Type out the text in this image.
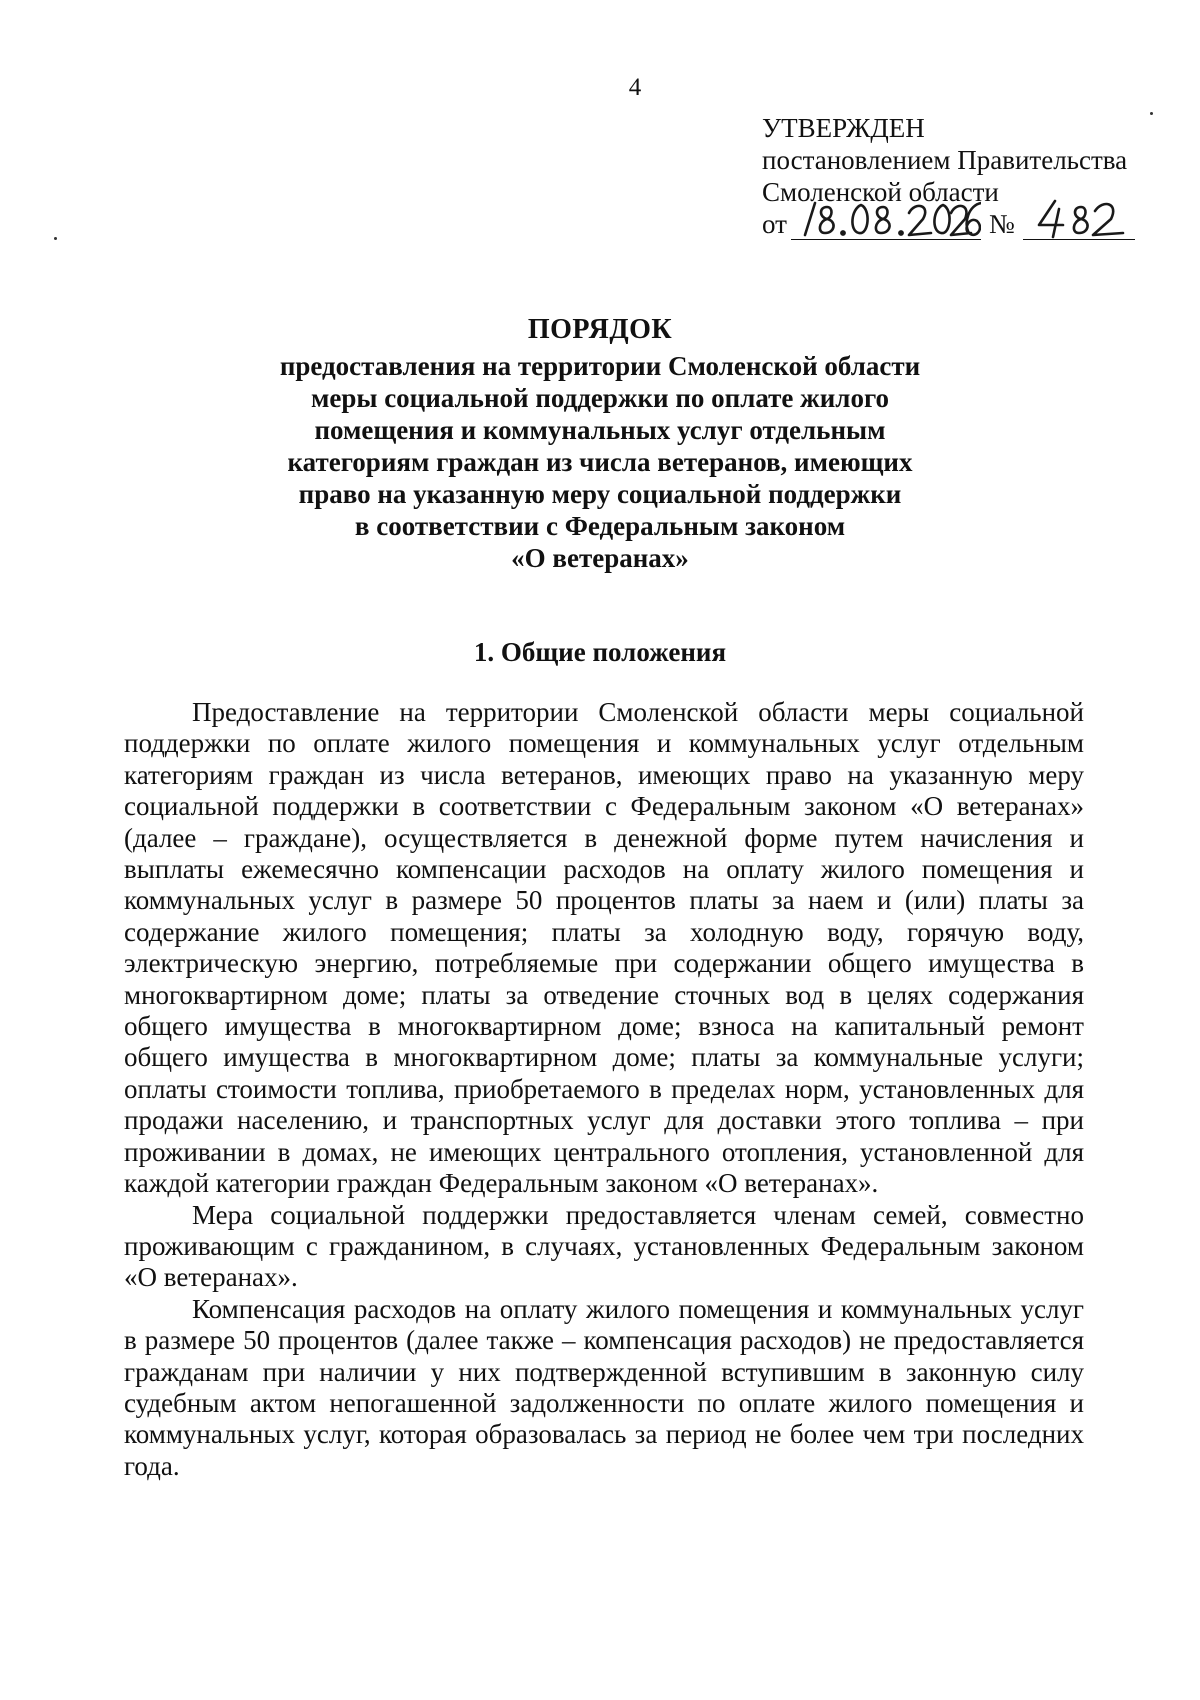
4
УТВЕРЖДЕН
постановлением Правительства
Смоленской области
от	№
ПОРЯДОК
предоставления на территории Смоленской области
меры социальной поддержки по оплате жилого
помещения и коммунальных услуг отдельным
категориям граждан из числа ветеранов, имеющих
право на указанную меру социальной поддержки
в соответствии с Федеральным законом
«О ветеранах»
1. Общие положения

Предоставление на территории Смоленской области меры социальной поддержки по оплате жилого помещения и коммунальных услуг отдельным категориям граждан из числа ветеранов, имеющих право на указанную меру социальной поддержки в соответствии с Федеральным законом «О ветеранах» (далее – граждане), осуществляется в денежной форме путем начисления и выплаты ежемесячно компенсации расходов на оплату жилого помещения и коммунальных услуг в размере 50 процентов платы за наем и (или) платы за содержание жилого помещения; платы за холодную воду, горячую воду, электрическую энергию, потребляемые при содержании общего имущества в многоквартирном доме; платы за отведение сточных вод в целях содержания общего имущества в многоквартирном доме; взноса на капитальный ремонт общего имущества в многоквартирном доме; платы за коммунальные услуги; оплаты стоимости топлива, приобретаемого в пределах норм, установленных для продажи населению, и транспортных услуг для доставки этого топлива – при проживании в домах, не имеющих центрального отопления, установленной для каждой категории граждан Федеральным законом «О ветеранах».

Мера социальной поддержки предоставляется членам семей, совместно проживающим с гражданином, в случаях, установленных Федеральным законом «О ветеранах».

Компенсация расходов на оплату жилого помещения и коммунальных услуг в размере 50 процентов (далее также – компенсация расходов) не предоставляется гражданам при наличии у них подтвержденной вступившим в законную силу судебным актом непогашенной задолженности по оплате жилого помещения и коммунальных услуг, которая образовалась за период не более чем три последних года.
